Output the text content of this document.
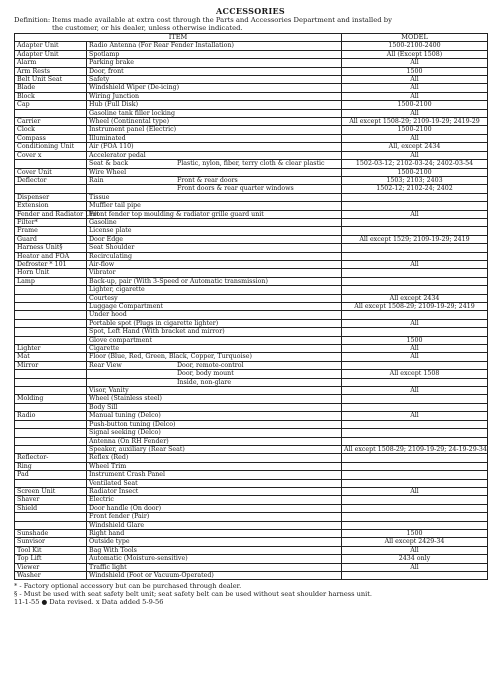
ACCESSORIES
Definition: Items made available at extra cost through the Parts and Accessories Department and installed by
the customer, or his dealer, unless otherwise indicated.
ITEM		MODEL
Adapter Unit	Radio Antenna (For Rear Fender Installation)	1500-2100-2400
Adapter Unit	Spotlamp	All (Except 1508)
Alarm	Parking brake	All
Arm Rests	Door, front	1500
Belt Unit Seat	Safety	All
Blade	Windshield Wiper (De-icing)	All
Block	Wiring Junction	All
Cap	Hub (Full Disk)	1500-2100
	Gasoline tank filler locking	All
Carrier	Wheel (Continental type)	All except 1508-29; 2109-19-29; 2419-29
Clock	Instrument panel (Electric)	1500-2100
Compass	Illuminated	All
Conditioning Unit	Air (FOA 110)	All, except 2434
Cover x	Accelerator pedal	All
	Seat & back Plastic, nylon, fiber, terry cloth & clear plastic	1502-03-12; 2102-03-24; 2402-03-54
Cover Unit	Wire Wheel	1500-2100
Deflector	Rain Front & rear doors	1503; 2103; 2403
	Front doors & rear quarter windows	1502-12; 2102-24; 2402
Dispenser	Tissue	
Extension	Muffler tail pipe	
Fender and Radiator Unit	Front fender top moulding & radiator grille guard unit	All
Filter*	Gasoline	
Frame	License plate	
Guard	Door Edge	All except 1529; 2109-19-29; 2419
Harness Unit§	Seat Shoulder	
Heator and FOA	Recirculating	
Defroster * 101	Air-flow	All
Horn Unit	Vibrator	
Lamp	Back-up, pair (With 3-Speed or Automatic transmission)	
	Lighter, cigarette	
	Courtesy	All except 2434
	Luggage Compartment	All except 1508-29; 2109-19-29; 2419
	Under hood	
	Portable spot (Plugs in cigarette lighter)	All
	Spot, Left Hand (With bracket and mirror)	
	Glove compartment	1500
Lighter	Cigarette	All
Mat	Floor (Blue, Red, Green, Black, Copper, Turquoise)	All
Mirror	Rear View Door, remote-control	
	Door, body mount	All except 1508
	Inside, non-glare	
	Visor, Vanity	All
Molding	Wheel (Stainless steel)	
	Body Sill	
Radio	Manual tuning (Delco)	All
	Push-button tuning (Delco)	
	Signal seeking (Delco)	
	Antenna (On RH Fender)	
	Speaker, auxiliary (Rear Seat)	All except 1508-29; 2109-19-29; 24-19-29-34
Reflector-	Reflex (Red)	
Ring	Wheel Trim	
Pad	Instrument Crash Panel	
	Ventilated Seat	
Screen Unit	Radiator Insect	All
Shaver	Electric	
Shield	Door handle (On door)	
	Front fender (Pair)	
	Windshield Glare	
Sunshade	Right hand	1500
Sunvisor	Outside type	All except 2429-34
Tool Kit	Bag With Tools	All
Top Lift	Automatic (Moisture-sensitive)	2434 only
Viewer	Traffic light	All
Washer	Windshield (Foot or Vacuum-Operated)	
* - Factory optional accessory but can be purchased through dealer.
§ - Must be used with seat safety belt unit; seat safety belt can be used without seat shoulder harness unit.
11-1-55 ● Data revised. x Data added 5-9-56
